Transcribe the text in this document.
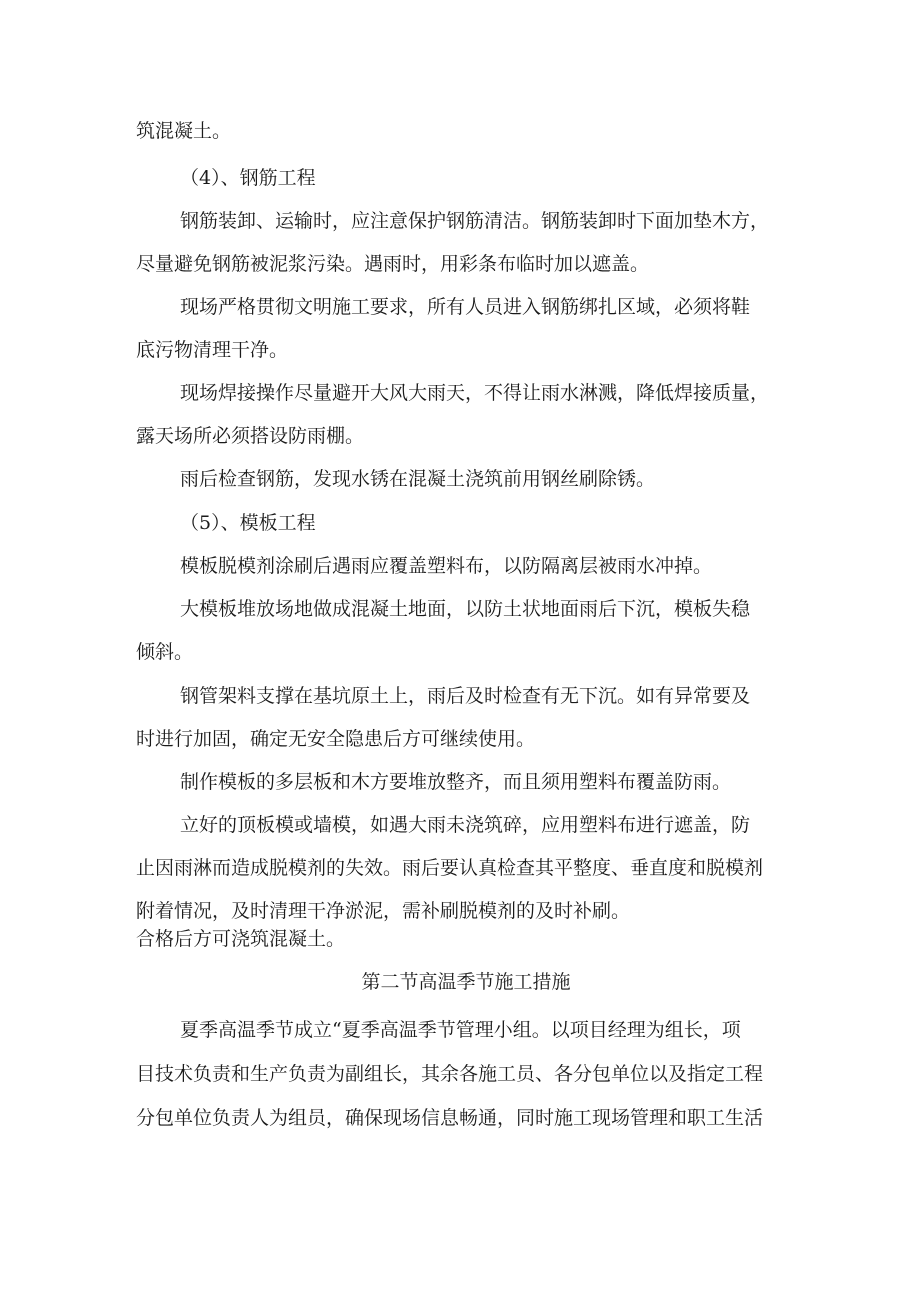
筑混凝土。

（4）、钢筋工程

钢筋装卸、运输时，应注意保护钢筋清洁。钢筋装卸时下面加垫木方，

尽量避免钢筋被泥浆污染。遇雨时，用彩条布临时加以遮盖。

现场严格贯彻文明施工要求，所有人员进入钢筋绑扎区域，必须将鞋

底污物清理干净。

现场焊接操作尽量避开大风大雨天，不得让雨水淋溅，降低焊接质量，

露天场所必须搭设防雨棚。

雨后检查钢筋，发现水锈在混凝土浇筑前用钢丝刷除锈。

（5）、模板工程

模板脱模剂涂刷后遇雨应覆盖塑料布，以防隔离层被雨水冲掉。

大模板堆放场地做成混凝土地面，以防土状地面雨后下沉，模板失稳

倾斜。

钢管架料支撑在基坑原土上，雨后及时检查有无下沉。如有异常要及

时进行加固，确定无安全隐患后方可继续使用。

制作模板的多层板和木方要堆放整齐，而且须用塑料布覆盖防雨。

立好的顶板模或墙模，如遇大雨未浇筑碎，应用塑料布进行遮盖，防

止因雨淋而造成脱模剂的失效。雨后要认真检查其平整度、垂直度和脱模剂

附着情况，及时清理干净淤泥，需补刷脱模剂的及时补刷。

合格后方可浇筑混凝土。

第二节高温季节施工措施

夏季高温季节成立“夏季高温季节管理小组。以项目经理为组长，项

目技术负责和生产负责为副组长，其余各施工员、各分包单位以及指定工程

分包单位负责人为组员，确保现场信息畅通，同时施工现场管理和职工生活
